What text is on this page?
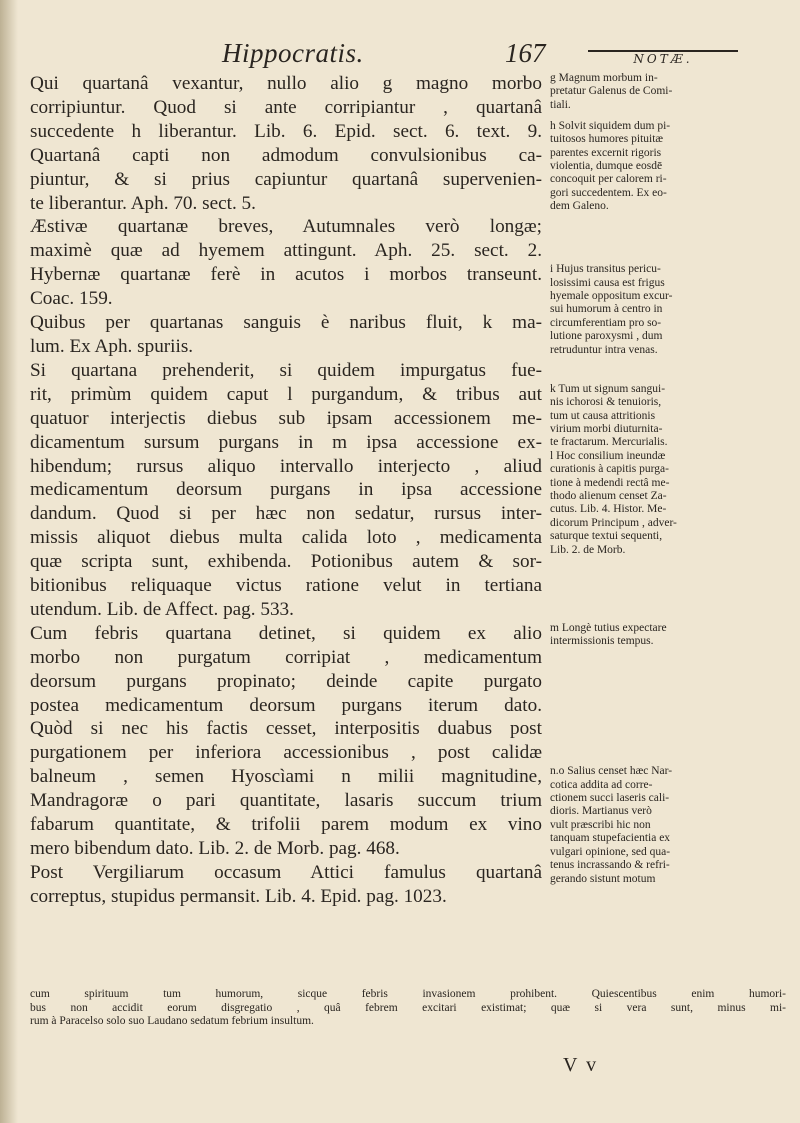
Hippocratis.	167	NOTÆ.
Qui quartanâ vexantur, nullo alio g magno morbo
corripiuntur. Quod si ante corripiantur , quartanâ
succedente h liberantur. Lib. 6. Epid. sect. 6. text. 9.
Quartanâ capti non admodum convulsionibus ca-
piuntur, & si prius capiuntur quartanâ supervenien-
te liberantur. Aph. 70. sect. 5.
Æstivæ quartanæ breves, Autumnales verò longæ;
maximè quæ ad hyemem attingunt. Aph. 25. sect. 2.
Hybernæ quartanæ ferè in acutos i morbos transeunt.
Coac. 159.
Quibus per quartanas sanguis è naribus fluit, k ma-
lum. Ex Aph. spuriis.
Si quartana prehenderit, si quidem impurgatus fue-
rit, primùm quidem caput l purgandum, & tribus aut
quatuor interjectis diebus sub ipsam accessionem me-
dicamentum sursum purgans in m ipsa accessione ex-
hibendum; rursus aliquo intervallo interjecto , aliud
medicamentum deorsum purgans in ipsa accessione
dandum. Quod si per hæc non sedatur, rursus inter-
missis aliquot diebus multa calida loto , medicamenta
quæ scripta sunt, exhibenda. Potionibus autem & sor-
bitionibus reliquaque victus ratione velut in tertiana
utendum. Lib. de Affect. pag. 533.
Cum febris quartana detinet, si quidem ex alio
morbo non purgatum corripiat , medicamentum
deorsum purgans propinato; deinde capite purgato
postea medicamentum deorsum purgans iterum dato.
Quòd si nec his factis cesset, interpositis duabus post
purgationem per inferiora accessionibus , post calidæ
balneum , semen Hyoscìami n milii magnitudine,
Mandragoræ o pari quantitate, lasaris succum trium
fabarum quantitate, & trifolii parem modum ex vino
mero bibendum dato. Lib. 2. de Morb. pag. 468.
Post Vergiliarum occasum Attici famulus quartanâ
correptus, stupidus permansit. Lib. 4. Epid. pag. 1023.
g Magnum morbum in-
pretatur Galenus de Comi-
tiali.
h Solvit siquidem dum pi-
tuitosos humores pituitæ
parentes excernit rigoris
violentia, dumque eosdē
concoquit per calorem ri-
gori succedentem. Ex eo-
dem Galeno.
i Hujus transitus pericu-
losissimi causa est frigus
hyemale oppositum excur-
sui humorum à centro in
circumferentiam pro so-
lutione paroxysmi , dum
retruduntur intra venas.
k Tum ut signum sangui-
nis ichorosi & tenuioris,
tum ut causa attritionis
virium morbi diuturnita-
te fractarum. Mercurialis.
l Hoc consilium ineundæ
curationis à capitis purga-
tione à medendi rectâ me-
thodo alienum censet Za-
cutus. Lib. 4. Histor. Me-
dicorum Principum , adver-
saturque textui sequenti,
Lib. 2. de Morb.
m Longè tutius expectare
intermissionis tempus.
n.o Salius censet hæc Nar-
cotica addita ad corre-
ctionem succi laseris cali-
dioris. Martianus verò
vult præscribi hic non
tanquam stupefacientia ex
vulgari opinione, sed qua-
tenus incrassando & refri-
gerando sistunt motum
cum spirituum tum humorum, sicque febris invasionem prohibent. Quiescentibus enim humori-
bus non accidit eorum disgregatio , quâ febrem excitari existimat; quæ si vera sunt, minus mi-
rum à Paracelso solo suo Laudano sedatum febrium insultum.
V v
